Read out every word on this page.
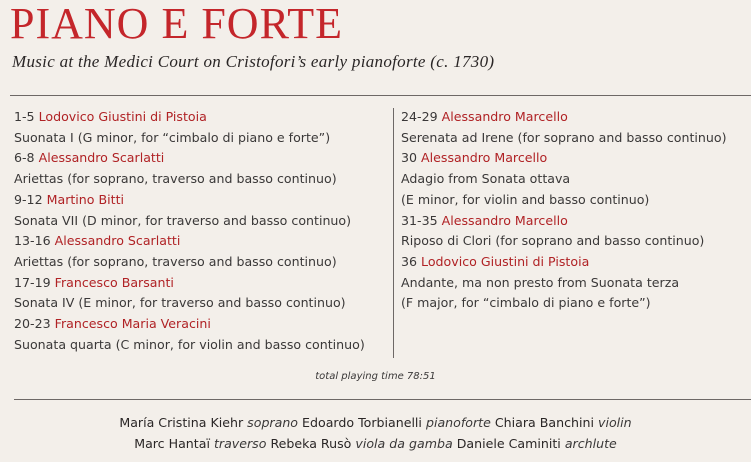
PIANO E FORTE
Music at the Medici Court on Cristofori’s early pianoforte (c. 1730)
1-5 Lodovico Giustini di Pistoia
Suonata I (G minor, for “cimbalo di piano e forte”)
6-8 Alessandro Scarlatti
Ariettas (for soprano, traverso and basso continuo)
9-12 Martino Bitti
Sonata VII (D minor, for traverso and basso continuo)
13-16 Alessandro Scarlatti
Ariettas (for soprano, traverso and basso continuo)
17-19 Francesco Barsanti
Sonata IV (E minor, for traverso and basso continuo)
20-23 Francesco Maria Veracini
Suonata quarta (C minor, for violin and basso continuo)
24-29 Alessandro Marcello
Serenata ad Irene (for soprano and basso continuo)
30 Alessandro Marcello
Adagio from Sonata ottava
(E minor, for violin and basso continuo)
31-35 Alessandro Marcello
Riposo di Clori (for soprano and basso continuo)
36 Lodovico Giustini di Pistoia
Andante, ma non presto from Suonata terza
(F major, for “cimbalo di piano e forte”)
total playing time 78:51
María Cristina Kiehr soprano Edoardo Torbianelli pianoforte Chiara Banchini violin
Marc Hantaï traverso Rebeka Rusò viola da gamba Daniele Caminiti archlute
